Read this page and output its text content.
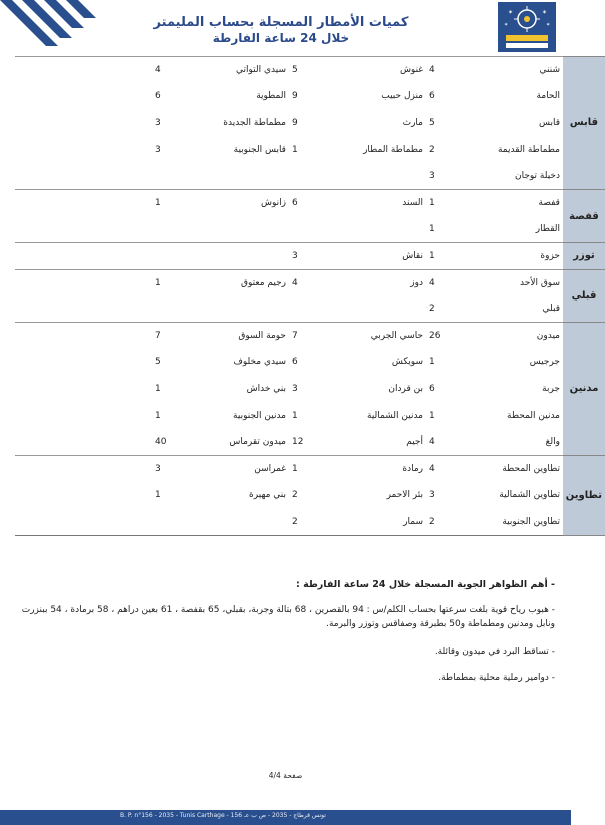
✶	✶
✶	✶
كميات الأمطار المسجلة بحساب المليمتر
خلال 24 ساعة الفارطة
قابس	شنني	4	غنوش	5	سيدي التواتي	4		
	الحامة	6	منزل حبيب	9	المطوية	6		
	قابس	5	مارث	9	مطماطة الجديدة	3		
	مطماطة القديمة	2	مطماطة المطار	1	قابس الجنوبية	3		
	دخيلة توجان	3						
قفصة	قفصة	1	السند	6	زانوش	1		
	القطار	1						
توزر	حزوة	1	نقاش	3				
قبلي	سوق الأحد	4	دوز	4	رجيم معتوق	1		
	قبلي	2						
مدنين	ميدون	26	حاسي الجربي	7	حومة السوق	7		
	جرجيس	1	سويكش	6	سيدي مخلوف	5		
	جربة	6	بن قردان	3	بني خداش	1		
	مدنين المحطة	1	مدنين الشمالية	1	مدنين الجنوبية	1		
	والغ	4	أجيم	12	ميدون تقرماس	40		
تطاوين	تطاوين المحطة	4	رمادة	1	غمراسن	3		
	تطاوين الشمالية	3	بئر الاحمر	2	بني مهيرة	1		
	تطاوين الجنوبية	2	سمار	2				
- أهم الظواهر الجوية المسجلة خلال 24 ساعة الفارطة :
- هبوب رياح قوية بلغت سرعتها بحساب الكلم/س : 94 بالقصرين ، 68 بتالة وجربة، بقبلي، 65 بقفصة ، 61 بعين دراهم ، 58 برمادة ، 54 ببنزرت ونابل ومدنين ومطماطة و50 بطبرقة وصفاقس وتوزر والبرمة.
- تساقط البرد في ميدون وقائلة.
- دوامير رملية محلية بمطماطة.
صفحة 4/4
B. P. n°156 - 2035 - Tunis Carthage - تونس قرطاج - 2035 - ص ب عـ 156
